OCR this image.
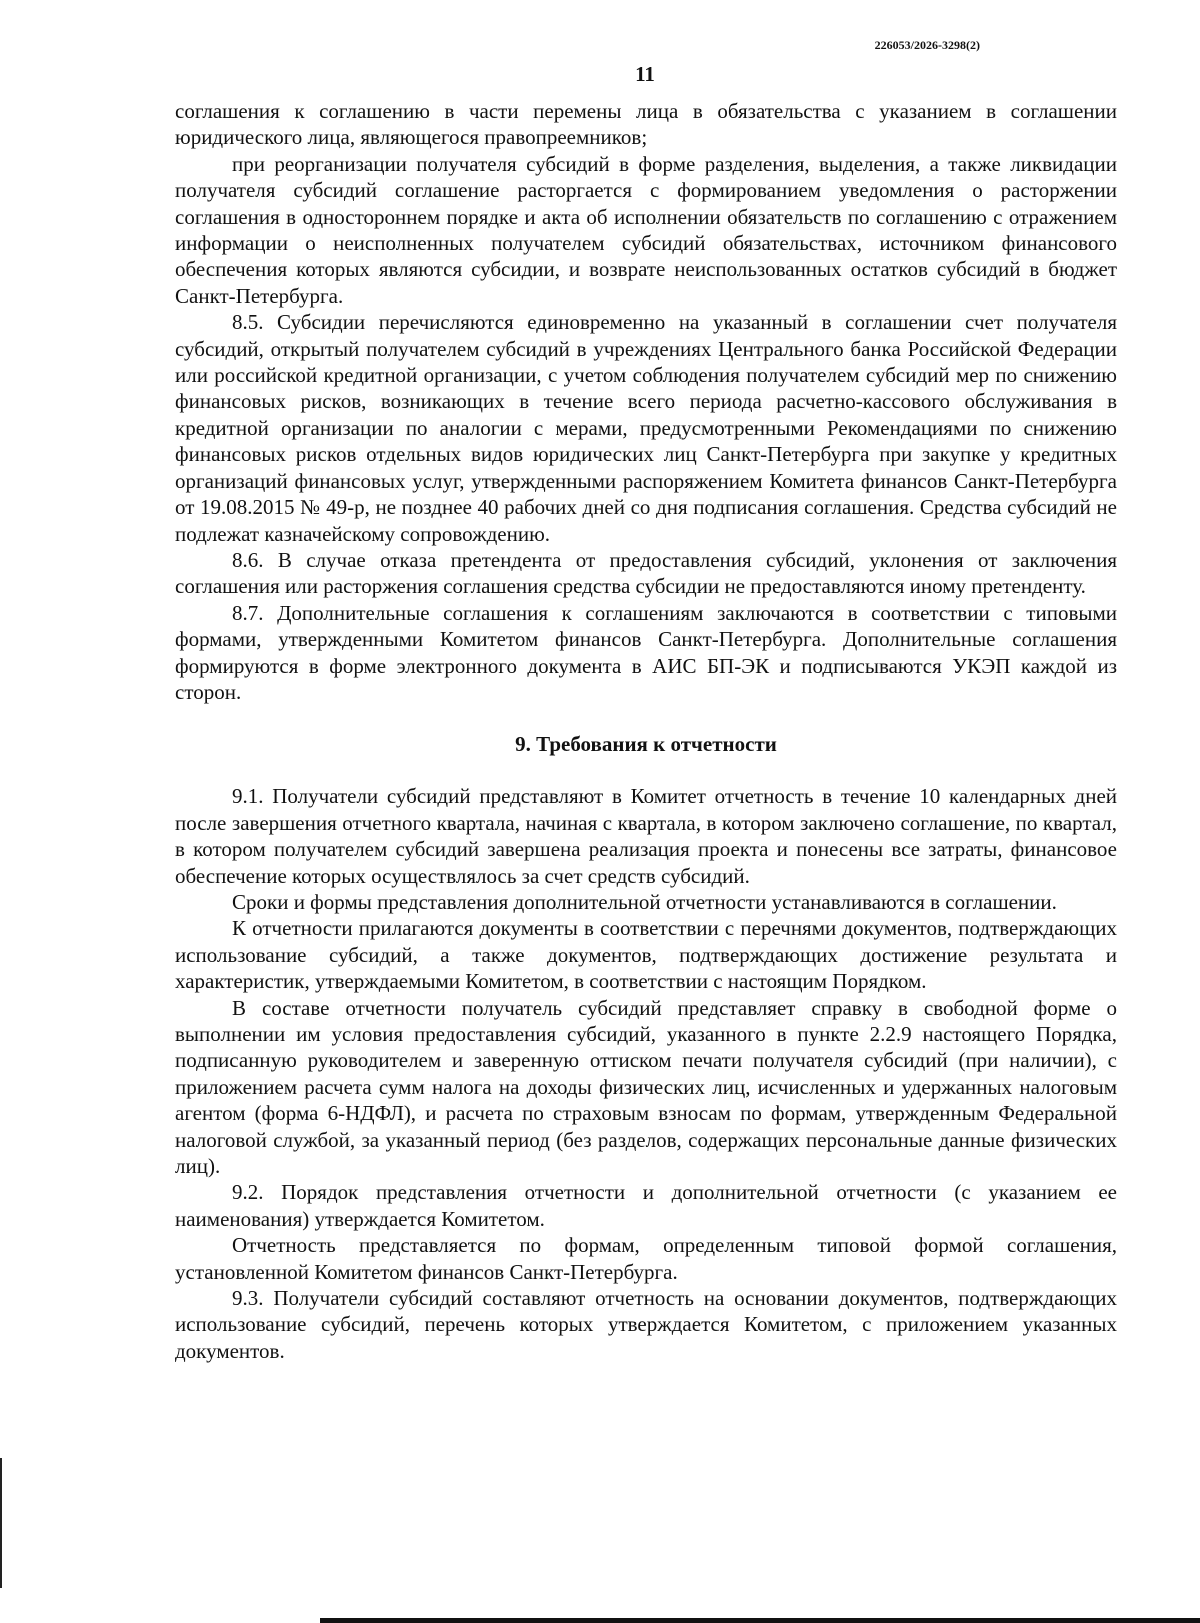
226053/2026-3298(2)
11

соглашения к соглашению в части перемены лица в обязательства с указанием в соглашении юридического лица, являющегося правопреемников;

при реорганизации получателя субсидий в форме разделения, выделения, а также ликвидации получателя субсидий соглашение расторгается с формированием уведомления о расторжении соглашения в одностороннем порядке и акта об исполнении обязательств по соглашению с отражением информации о неисполненных получателем субсидий обязательствах, источником финансового обеспечения которых являются субсидии, и возврате неиспользованных остатков субсидий в бюджет Санкт-Петербурга.

8.5. Субсидии перечисляются единовременно на указанный в соглашении счет получателя субсидий, открытый получателем субсидий в учреждениях Центрального банка Российской Федерации или российской кредитной организации, с учетом соблюдения получателем субсидий мер по снижению финансовых рисков, возникающих в течение всего периода расчетно-кассового обслуживания в кредитной организации по аналогии с мерами, предусмотренными Рекомендациями по снижению финансовых рисков отдельных видов юридических лиц Санкт-Петербурга при закупке у кредитных организаций финансовых услуг, утвержденными распоряжением Комитета финансов Санкт-Петербурга от 19.08.2015 № 49-р, не позднее 40 рабочих дней со дня подписания соглашения. Средства субсидий не подлежат казначейскому сопровождению.

8.6. В случае отказа претендента от предоставления субсидий, уклонения от заключения соглашения или расторжения соглашения средства субсидии не предоставляются иному претенденту.

8.7. Дополнительные соглашения к соглашениям заключаются в соответствии с типовыми формами, утвержденными Комитетом финансов Санкт-Петербурга. Дополнительные соглашения формируются в форме электронного документа в АИС БП-ЭК и подписываются УКЭП каждой из сторон.

9. Требования к отчетности

9.1. Получатели субсидий представляют в Комитет отчетность в течение 10 календарных дней после завершения отчетного квартала, начиная с квартала, в котором заключено соглашение, по квартал, в котором получателем субсидий завершена реализация проекта и понесены все затраты, финансовое обеспечение которых осуществлялось за счет средств субсидий.

Сроки и формы представления дополнительной отчетности устанавливаются в соглашении.

К отчетности прилагаются документы в соответствии с перечнями документов, подтверждающих использование субсидий, а также документов, подтверждающих достижение результата и характеристик, утверждаемыми Комитетом, в соответствии с настоящим Порядком.

В составе отчетности получатель субсидий представляет справку в свободной форме о выполнении им условия предоставления субсидий, указанного в пункте 2.2.9 настоящего Порядка, подписанную руководителем и заверенную оттиском печати получателя субсидий (при наличии), с приложением расчета сумм налога на доходы физических лиц, исчисленных и удержанных налоговым агентом (форма 6-НДФЛ), и расчета по страховым взносам по формам, утвержденным Федеральной налоговой службой, за указанный период (без разделов, содержащих персональные данные физических лиц).

9.2. Порядок представления отчетности и дополнительной отчетности (с указанием ее наименования) утверждается Комитетом.

Отчетность представляется по формам, определенным типовой формой соглашения, установленной Комитетом финансов Санкт-Петербурга.

9.3. Получатели субсидий составляют отчетность на основании документов, подтверждающих использование субсидий, перечень которых утверждается Комитетом, с приложением указанных документов.
